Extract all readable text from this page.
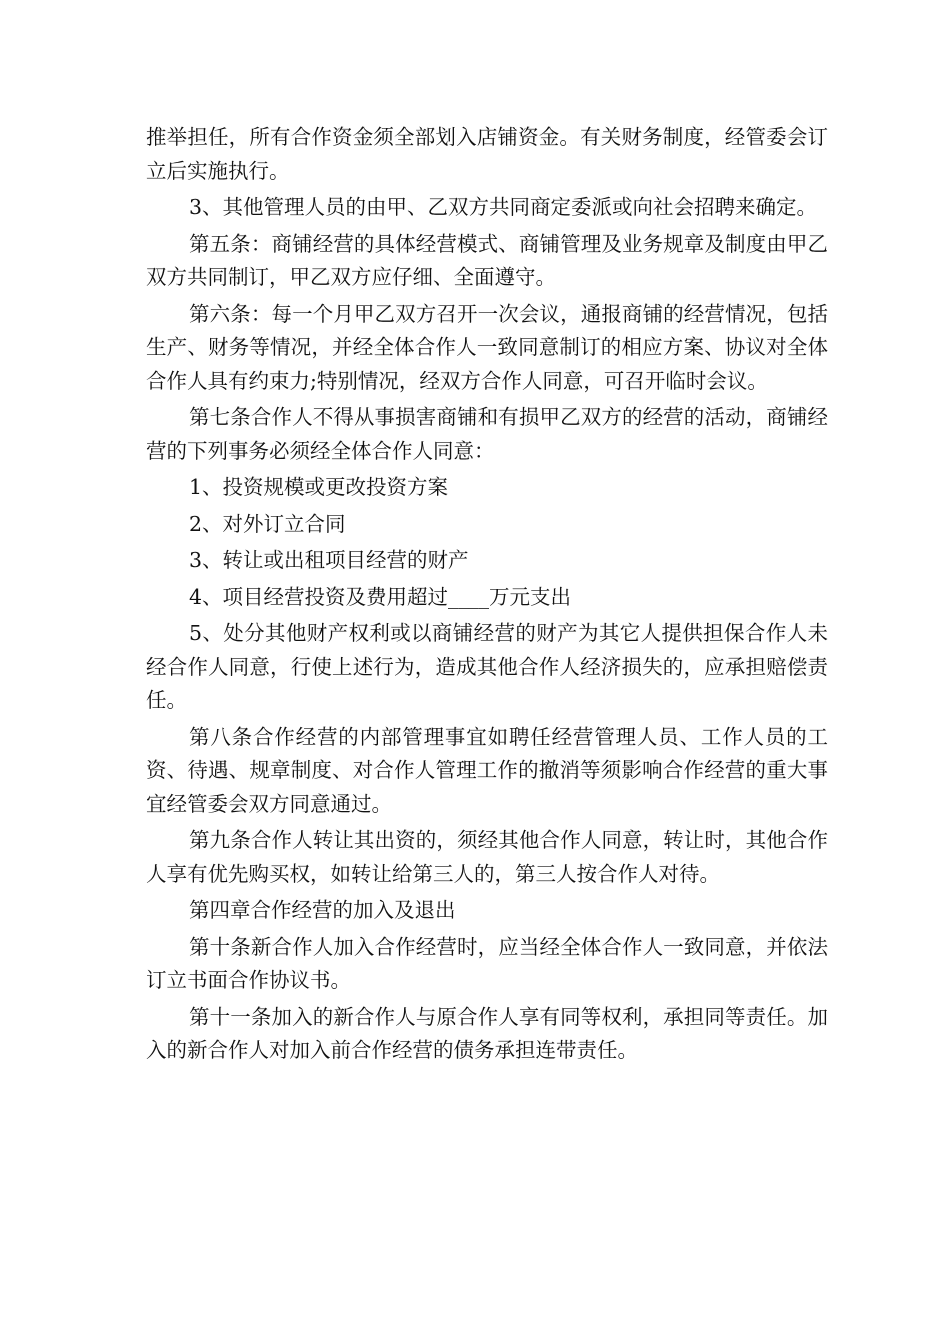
推举担任，所有合作资金须全部划入店铺资金。有关财务制度，经管委会订立后实施执行。

3、其他管理人员的由甲、乙双方共同商定委派或向社会招聘来确定。

第五条：商铺经营的具体经营模式、商铺管理及业务规章及制度由甲乙双方共同制订，甲乙双方应仔细、全面遵守。

第六条：每一个月甲乙双方召开一次会议，通报商铺的经营情况，包括生产、财务等情况，并经全体合作人一致同意制订的相应方案、协议对全体合作人具有约束力;特别情况，经双方合作人同意，可召开临时会议。

第七条合作人不得从事损害商铺和有损甲乙双方的经营的活动，商铺经营的下列事务必须经全体合作人同意：

1、投资规模或更改投资方案

2、对外订立合同

3、转让或出租项目经营的财产

4、项目经营投资及费用超过____万元支出

5、处分其他财产权利或以商铺经营的财产为其它人提供担保合作人未经合作人同意，行使上述行为，造成其他合作人经济损失的，应承担赔偿责任。

第八条合作经营的内部管理事宜如聘任经营管理人员、工作人员的工资、待遇、规章制度、对合作人管理工作的撤消等须影响合作经营的重大事宜经管委会双方同意通过。

第九条合作人转让其出资的，须经其他合作人同意，转让时，其他合作人享有优先购买权，如转让给第三人的，第三人按合作人对待。

第四章合作经营的加入及退出

第十条新合作人加入合作经营时，应当经全体合作人一致同意，并依法订立书面合作协议书。

第十一条加入的新合作人与原合作人享有同等权利，承担同等责任。加入的新合作人对加入前合作经营的债务承担连带责任。
